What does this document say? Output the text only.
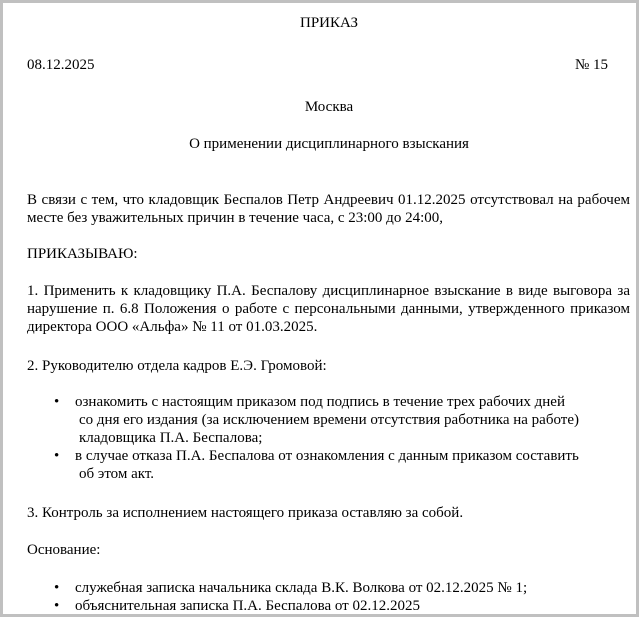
ПРИКАЗ
08.12.2025	№ 15
Москва
О применении дисциплинарного взыскания
В связи с тем, что кладовщик Беспалов Петр Андреевич 01.12.2025 отсутствовал на рабочем месте без уважительных причин в течение часа, с 23:00 до 24:00,
ПРИКАЗЫВАЮ:
1. Применить к кладовщику П.А. Беспалову дисциплинарное взыскание в виде выговора за нарушение п. 6.8 Положения о работе с персональными данными, утвержденного приказом директора ООО «Альфа» № 11 от 01.03.2025.
2. Руководителю отдела кадров Е.Э. Громовой:
• ознакомить с настоящим приказом под подпись в течение трех рабочих дней
со дня его издания (за исключением времени отсутствия работника на работе)
кладовщика П.А. Беспалова;
• в случае отказа П.А. Беспалова от ознакомления с данным приказом составить
об этом акт.
3. Контроль за исполнением настоящего приказа оставляю за собой.
Основание:
• служебная записка начальника склада В.К. Волкова от 02.12.2025 № 1;
• объяснительная записка П.А. Беспалова от 02.12.2025
